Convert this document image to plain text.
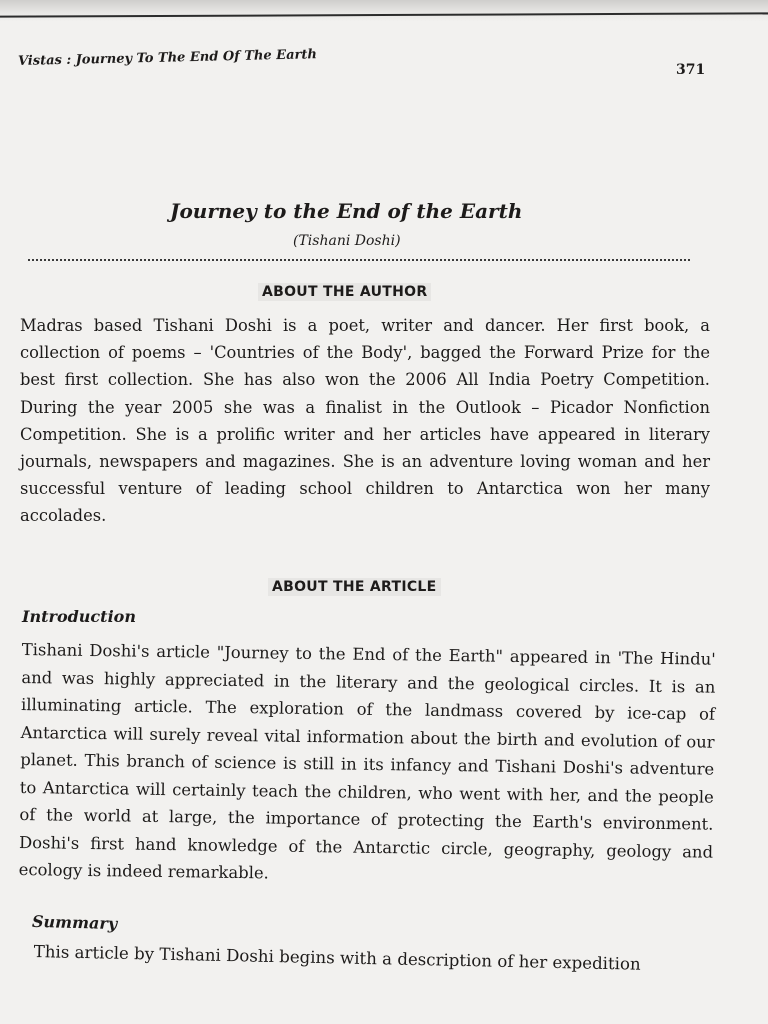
Vistas : Journey To The End Of The Earth
371
Journey to the End of the Earth
(Tishani Doshi)
ABOUT THE AUTHOR
Madras based Tishani Doshi is a poet, writer and dancer. Her first book, a collection of poems – 'Countries of the Body', bagged the Forward Prize for the best first collection. She has also won the 2006 All India Poetry Competition. During the year 2005 she was a finalist in the Outlook – Picador Nonfiction Competition. She is a prolific writer and her articles have appeared in literary journals, newspapers and magazines. She is an adventure loving woman and her successful venture of leading school children to Antarctica won her many accolades.
ABOUT THE ARTICLE
Introduction
Tishani Doshi's article "Journey to the End of the Earth" appeared in 'The Hindu' and was highly appreciated in the literary and the geological circles. It is an illuminating article. The exploration of the landmass covered by ice-cap of Antarctica will surely reveal vital information about the birth and evolution of our planet. This branch of science is still in its infancy and Tishani Doshi's adventure to Antarctica will certainly teach the children, who went with her, and the people of the world at large, the importance of protecting the Earth's environment. Doshi's first hand knowledge of the Antarctic circle, geography, geology and ecology is indeed remarkable.
Summary
This article by Tishani Doshi begins with a description of her expedition
